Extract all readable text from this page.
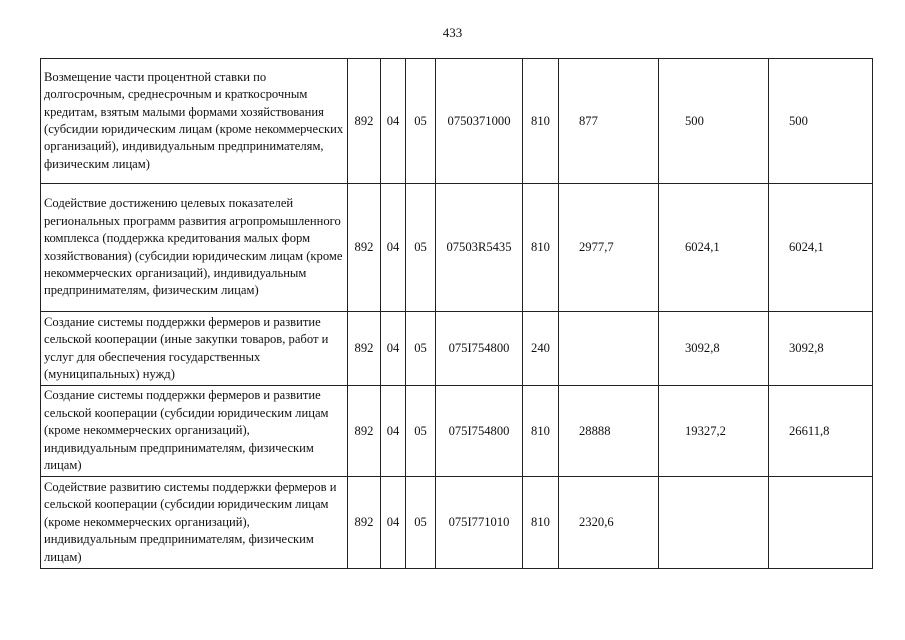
433
Возмещение части процентной ставки по долгосрочным, среднесрочным и краткосрочным кредитам, взятым малыми формами хозяйствования (субсидии юридическим лицам (кроме некоммерческих организаций), индивидуальным предпринимателям, физическим лицам)	892	04	05	0750371000	810	877	500	500
Содействие достижению целевых показателей региональных программ развития агропромышленного комплекса (поддержка кредитования малых форм хозяйствования) (субсидии юридическим лицам (кроме некоммерческих организаций), индивидуальным предпринимателям, физическим лицам)	892	04	05	07503R5435	810	2977,7	6024,1	6024,1
Создание системы поддержки фермеров и развитие сельской кооперации (иные закупки товаров, работ и услуг для обеспечения государственных (муниципальных) нужд)	892	04	05	075I754800	240		3092,8	3092,8
Создание системы поддержки фермеров и развитие сельской кооперации (субсидии юридическим лицам (кроме некоммерческих организаций), индивидуальным предпринимателям, физическим лицам)	892	04	05	075I754800	810	28888	19327,2	26611,8
Содействие развитию системы поддержки фермеров и сельской кооперации (субсидии юридическим лицам (кроме некоммерческих организаций), индивидуальным предпринимателям, физическим лицам)	892	04	05	075I771010	810	2320,6		
